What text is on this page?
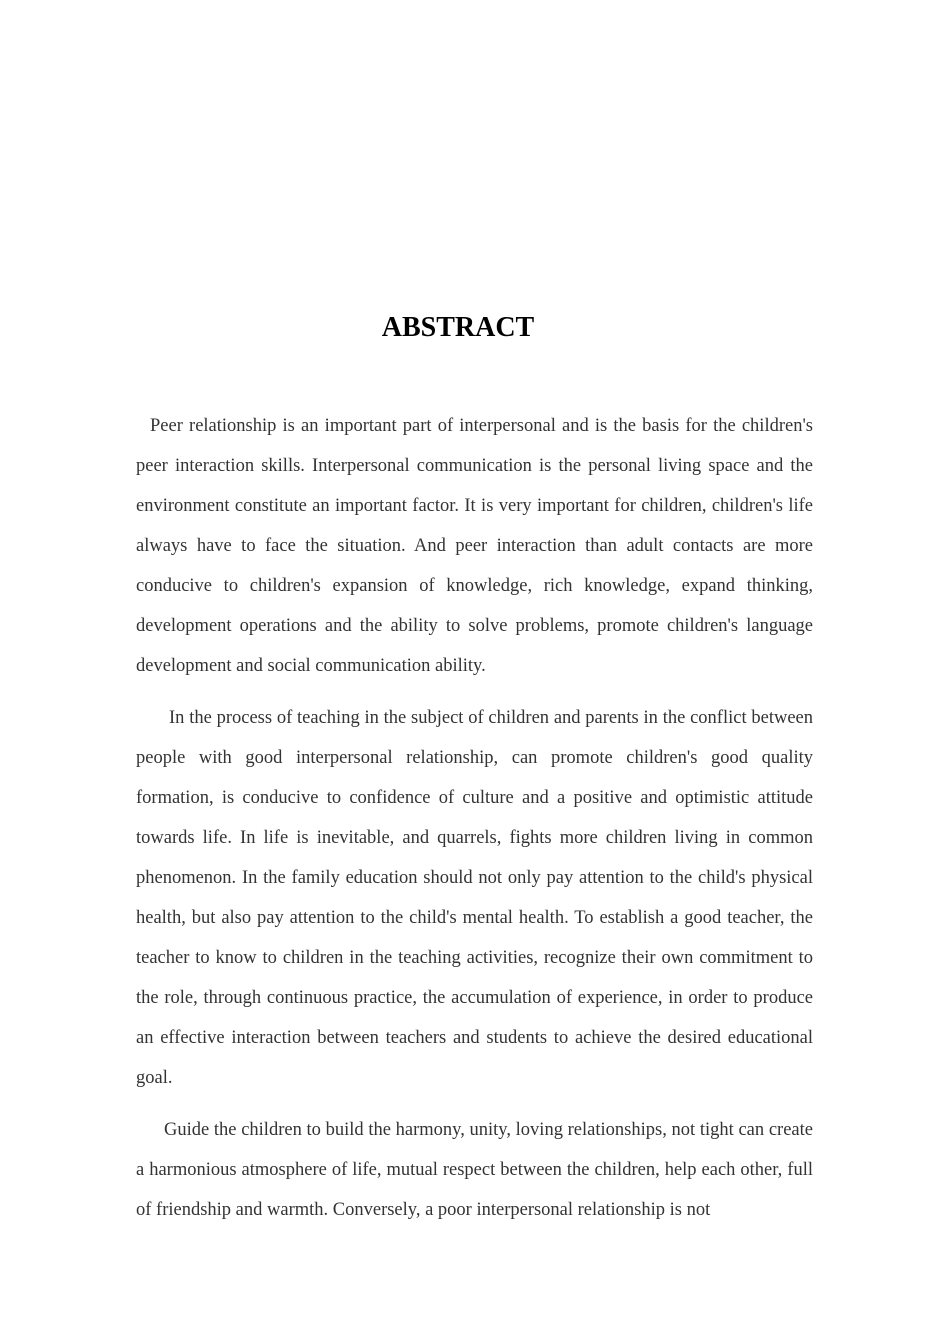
ABSTRACT

Peer relationship is an important part of interpersonal and is the basis for the children's peer interaction skills. Interpersonal communication is the personal living space and the environment constitute an important factor. It is very important for children, children's life always have to face the situation. And peer interaction than adult contacts are more conducive to children's expansion of knowledge, rich knowledge, expand thinking, development operations and the ability to solve problems, promote children's language development and social communication ability.

In the process of teaching in the subject of children and parents in the conflict between people with good interpersonal relationship, can promote children's good quality formation, is conducive to confidence of culture and a positive and optimistic attitude towards life. In life is inevitable, and quarrels, fights more children living in common phenomenon. In the family education should not only pay attention to the child's physical health, but also pay attention to the child's mental health. To establish a good teacher, the teacher to know to children in the teaching activities, recognize their own commitment to the role, through continuous practice, the accumulation of experience, in order to produce an effective interaction between teachers and students to achieve the desired educational goal.

Guide the children to build the harmony, unity, loving relationships, not tight can create a harmonious atmosphere of life, mutual respect between the children, help each other, full of friendship and warmth. Conversely, a poor interpersonal relationship is not
